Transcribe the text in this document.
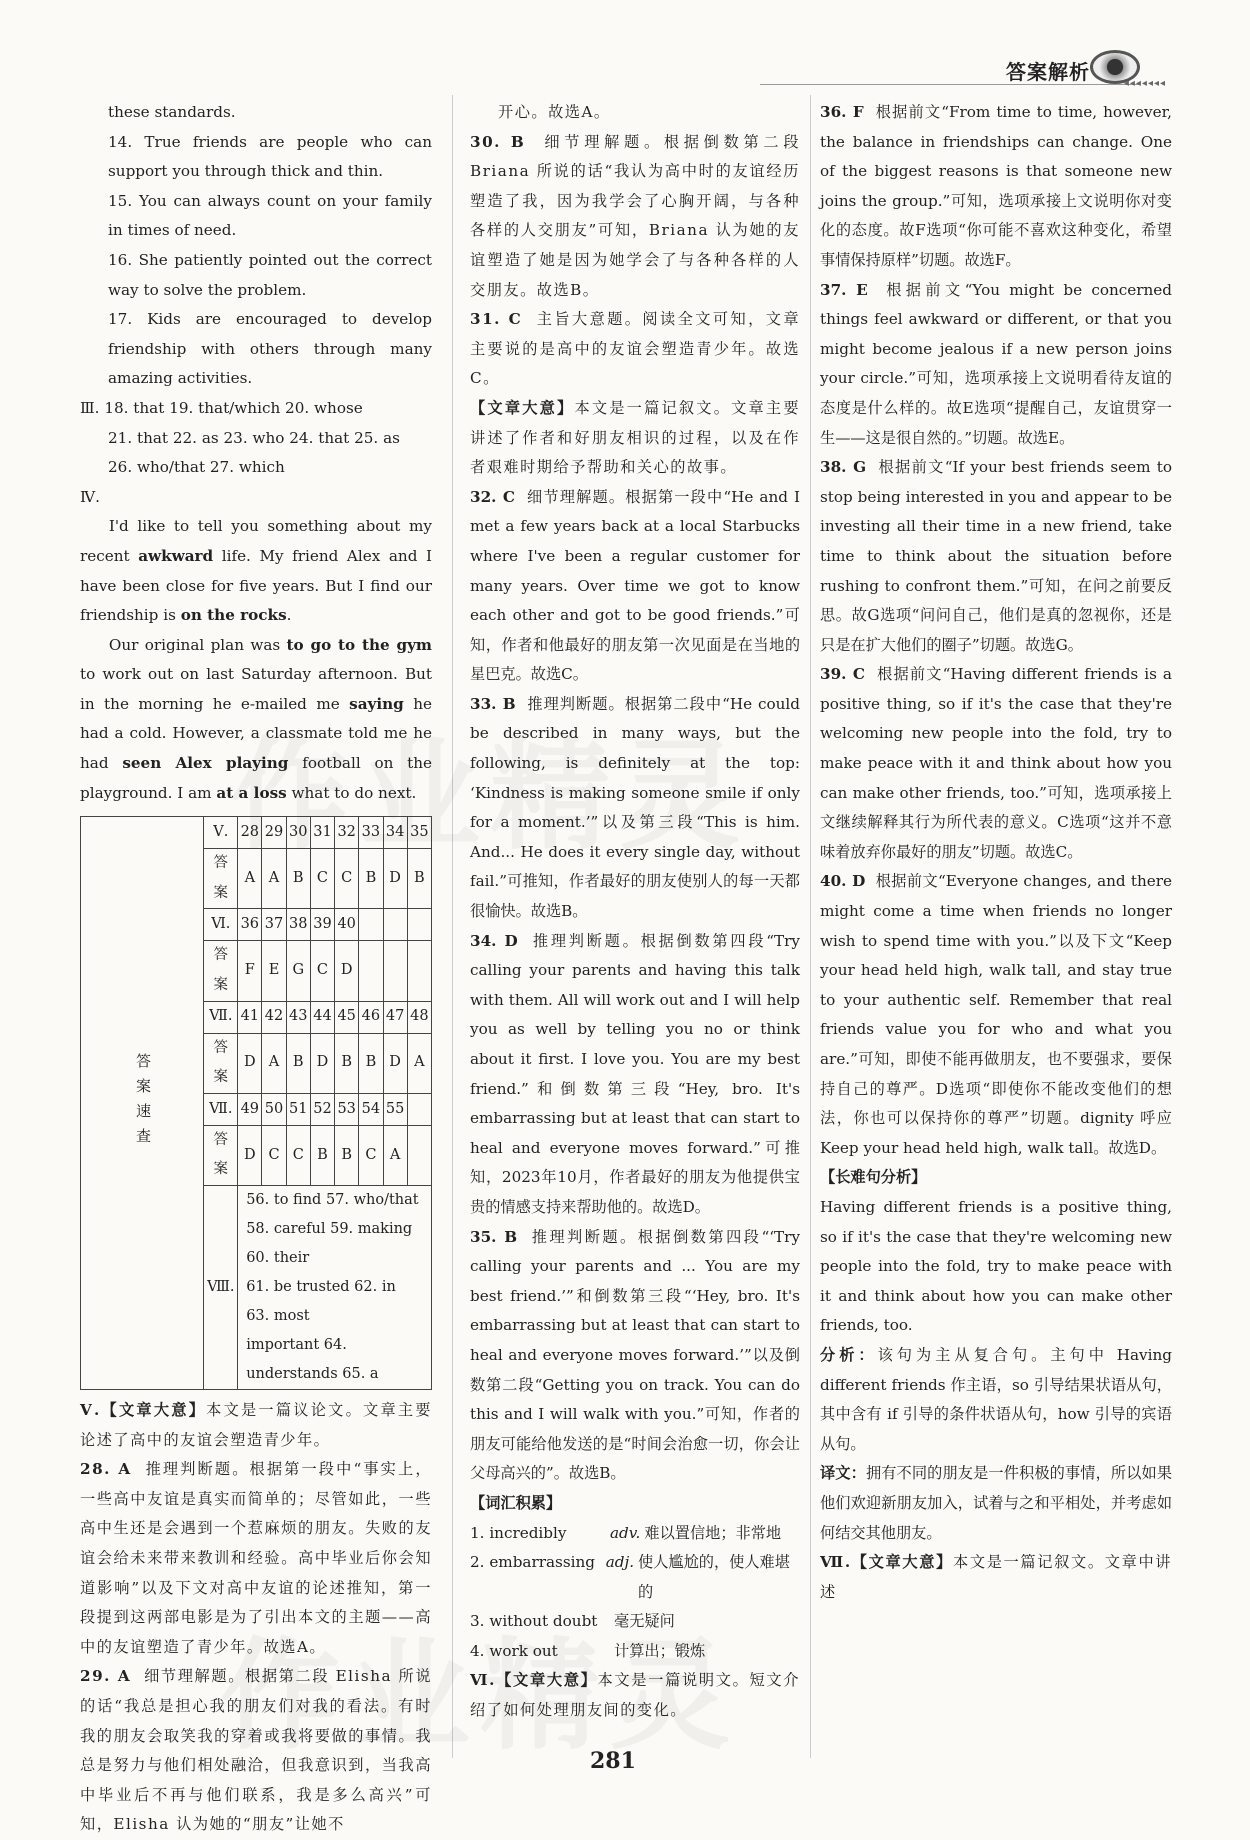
答案解析	◂◂◂◂◂◂◂

these standards.

14. True friends are people who can support you through thick and thin.

15. You can always count on your family in times of need.

16. She patiently pointed out the correct way to solve the problem.

17. Kids are encouraged to develop friendship with others through many amazing activities.

Ⅲ. 18. that 19. that/which 20. whose

21. that 22. as 23. who 24. that 25. as

26. who/that 27. which

Ⅳ.

I'd like to tell you something about my recent awkward life. My friend Alex and I have been close for five years. But I find our friendship is on the rocks.

Our original plan was to go to the gym to work out on last Saturday afternoon. But in the morning he e-mailed me saying he had a cold. However, a classmate told me he had seen Alex playing football on the playground. I am at a loss what to do next.

答案速查	Ⅴ.	28	29	30	31	32	33	34	35
	答案	A	A	B	C	C	B	D	B
	Ⅵ.	36	37	38	39	40			
	答案	F	E	G	C	D			
	Ⅶ.	41	42	43	44	45	46	47	48
	答案	D	A	B	D	B	B	D	A
	Ⅶ.	49	50	51	52	53	54	55	
	答案	D	C	C	B	B	C	A	
	Ⅷ.	56. to find 57. who/that
58. careful 59. making 60. their
61. be trusted 62. in 63. most
important 64. understands 65. a							

Ⅴ.【文章大意】本文是一篇议论文。文章主要论述了高中的友谊会塑造青少年。

28. A 推理判断题。根据第一段中“事实上，一些高中友谊是真实而简单的；尽管如此，一些高中生还是会遇到一个惹麻烦的朋友。失败的友谊会给未来带来教训和经验。高中毕业后你会知道影响”以及下文对高中友谊的论述推知，第一段提到这两部电影是为了引出本文的主题——高中的友谊塑造了青少年。故选A。

29. A 细节理解题。根据第二段 Elisha 所说的话“我总是担心我的朋友们对我的看法。有时我的朋友会取笑我的穿着或我将要做的事情。我总是努力与他们相处融洽，但我意识到，当我高中毕业后不再与他们联系，我是多么高兴”可知，Elisha 认为她的“朋友”让她不

开心。故选A。

30. B 细节理解题。根据倒数第二段 Briana 所说的话“我认为高中时的友谊经历塑造了我，因为我学会了心胸开阔，与各种各样的人交朋友”可知，Briana 认为她的友谊塑造了她是因为她学会了与各种各样的人交朋友。故选B。

31. C 主旨大意题。阅读全文可知，文章主要说的是高中的友谊会塑造青少年。故选C。

【文章大意】本文是一篇记叙文。文章主要讲述了作者和好朋友相识的过程，以及在作者艰难时期给予帮助和关心的故事。

32. C 细节理解题。根据第一段中“He and I met a few years back at a local Starbucks where I've been a regular customer for many years. Over time we got to know each other and got to be good friends.”可知，作者和他最好的朋友第一次见面是在当地的星巴克。故选C。

33. B 推理判断题。根据第二段中“He could be described in many ways, but the following, is definitely at the top: ‘Kindness is making someone smile if only for a moment.’”以及第三段“This is him. And... He does it every single day, without fail.”可推知，作者最好的朋友使别人的每一天都很愉快。故选B。

34. D 推理判断题。根据倒数第四段“Try calling your parents and having this talk with them. All will work out and I will help you as well by telling you no or think about it first. I love you. You are my best friend.”和倒数第三段“Hey, bro. It's embarrassing but at least that can start to heal and everyone moves forward.”可推知，2023年10月，作者最好的朋友为他提供宝贵的情感支持来帮助他的。故选D。

35. B 推理判断题。根据倒数第四段“‘Try calling your parents and ... You are my best friend.’”和倒数第三段“‘Hey, bro. It's embarrassing but at least that can start to heal and everyone moves forward.’”以及倒数第二段“Getting you on track. You can do this and I will walk with you.”可知，作者的朋友可能给他发送的是“时间会治愈一切，你会让父母高兴的”。故选B。

【词汇积累】

1. incredibly	adv. 难以置信地；非常地
2. embarrassing adj. 使人尴尬的，使人难堪的
3. without doubt	毫无疑问
4. work out	计算出；锻炼

Ⅵ.【文章大意】本文是一篇说明文。短文介绍了如何处理朋友间的变化。

36. F 根据前文“From time to time, however, the balance in friendships can change. One of the biggest reasons is that someone new joins the group.”可知，选项承接上文说明你对变化的态度。故F选项“你可能不喜欢这种变化，希望事情保持原样”切题。故选F。

37. E 根据前文“You might be concerned things feel awkward or different, or that you might become jealous if a new person joins your circle.”可知，选项承接上文说明看待友谊的态度是什么样的。故E选项“提醒自己，友谊贯穿一生——这是很自然的。”切题。故选E。

38. G 根据前文“If your best friends seem to stop being interested in you and appear to be investing all their time in a new friend, take time to think about the situation before rushing to confront them.”可知，在问之前要反思。故G选项“问问自己，他们是真的忽视你，还是只是在扩大他们的圈子”切题。故选G。

39. C 根据前文“Having different friends is a positive thing, so if it's the case that they're welcoming new people into the fold, try to make peace with it and think about how you can make other friends, too.”可知，选项承接上文继续解释其行为所代表的意义。C选项“这并不意味着放弃你最好的朋友”切题。故选C。

40. D 根据前文“Everyone changes, and there might come a time when friends no longer wish to spend time with you.”以及下文“Keep your head held high, walk tall, and stay true to your authentic self. Remember that real friends value you for who and what you are.”可知，即使不能再做朋友，也不要强求，要保持自己的尊严。D选项“即使你不能改变他们的想法，你也可以保持你的尊严”切题。dignity 呼应 Keep your head held high, walk tall。故选D。

【长难句分析】

Having different friends is a positive thing, so if it's the case that they're welcoming new people into the fold, try to make peace with it and think about how you can make other friends, too.

分析：该句为主从复合句。主句中 Having different friends 作主语，so 引导结果状语从句，其中含有 if 引导的条件状语从句，how 引导的宾语从句。

译文：拥有不同的朋友是一件积极的事情，所以如果他们欢迎新朋友加入，试着与之和平相处，并考虑如何结交其他朋友。

Ⅶ.【文章大意】本文是一篇记叙文。文章中讲述

281
